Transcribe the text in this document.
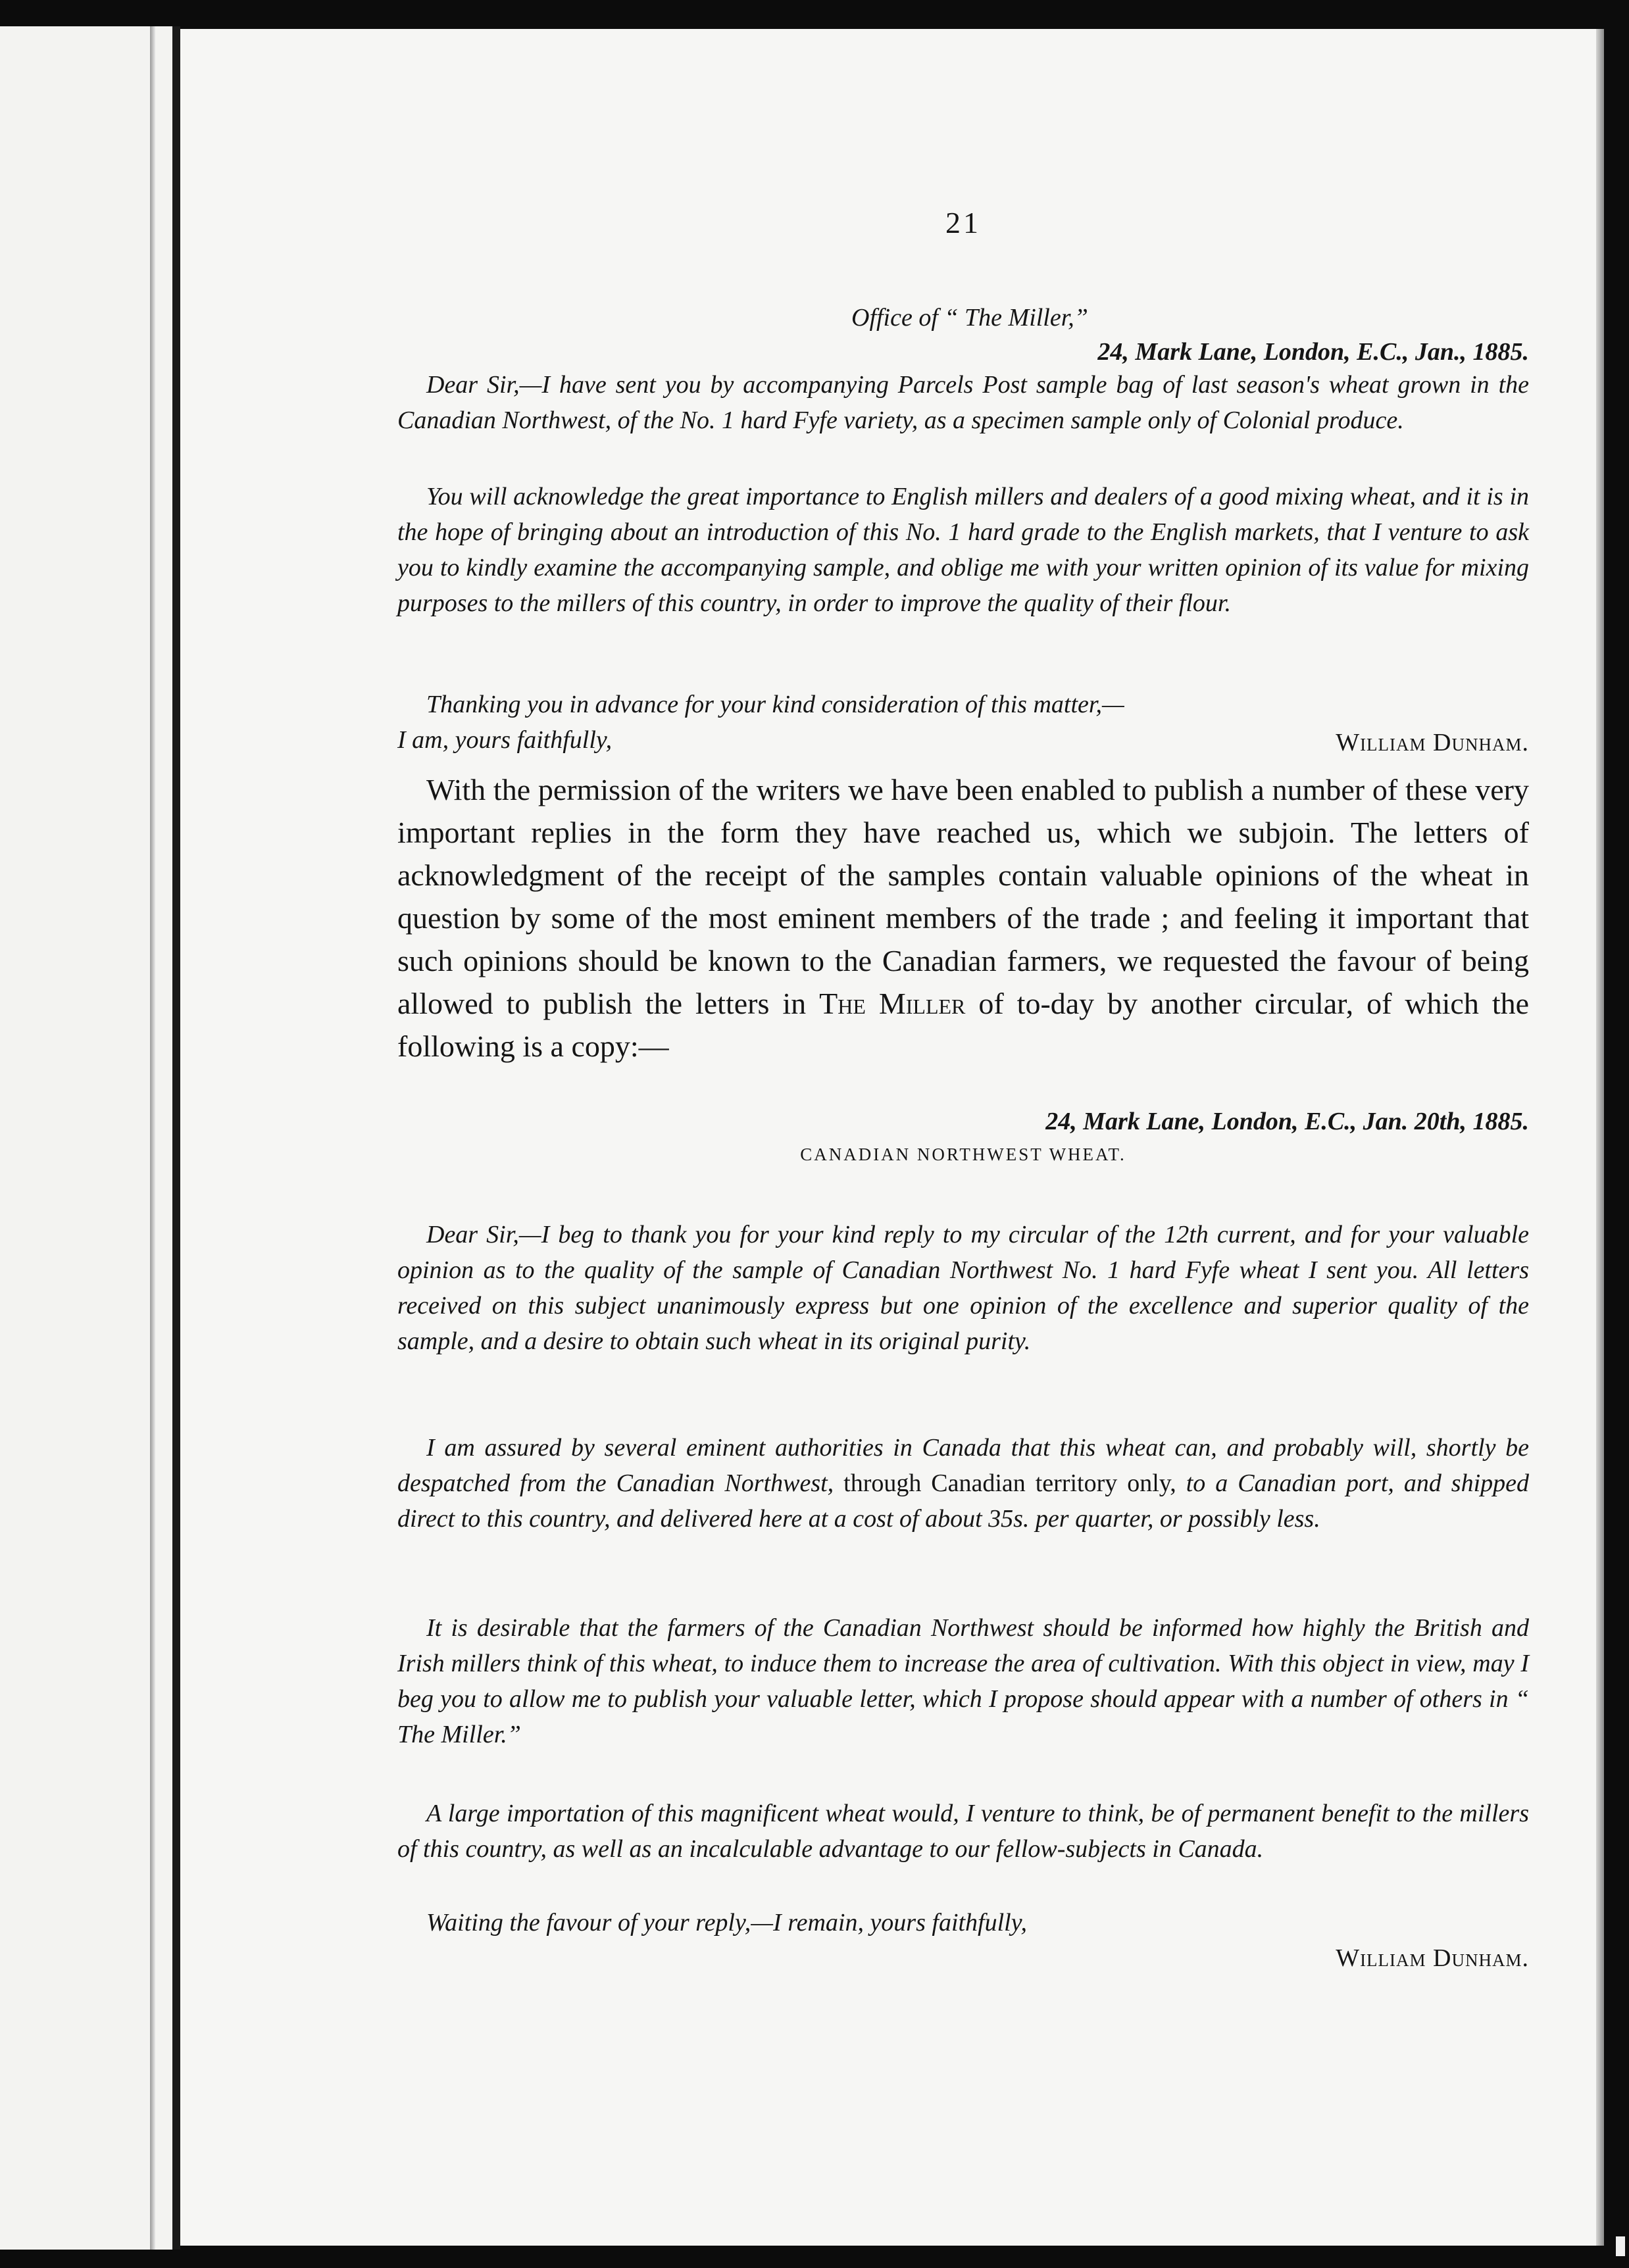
21

Office of “ The Miller,”

24, Mark Lane, London, E.C., Jan., 1885.

Dear Sir,—I have sent you by accompanying Parcels Post sample bag of last season's wheat grown in the Canadian Northwest, of the No. 1 hard Fyfe variety, as a specimen sample only of Colonial produce.

You will acknowledge the great importance to English millers and dealers of a good mixing wheat, and it is in the hope of bringing about an introduction of this No. 1 hard grade to the English markets, that I venture to ask you to kindly examine the accompanying sample, and oblige me with your written opinion of its value for mixing purposes to the millers of this country, in order to improve the quality of their flour.

Thanking you in advance for your kind consideration of this matter,—

I am, yours faithfully,	William Dunham.

With the permission of the writers we have been enabled to publish a number of these very important replies in the form they have reached us, which we subjoin. The letters of acknowledgment of the receipt of the samples contain valuable opinions of the wheat in question by some of the most eminent members of the trade ; and feeling it important that such opinions should be known to the Canadian farmers, we requested the favour of being allowed to publish the letters in The Miller of to-day by another circular, of which the following is a copy:—

24, Mark Lane, London, E.C., Jan. 20th, 1885.

CANADIAN NORTHWEST WHEAT.

Dear Sir,—I beg to thank you for your kind reply to my circular of the 12th current, and for your valuable opinion as to the quality of the sample of Canadian Northwest No. 1 hard Fyfe wheat I sent you. All letters received on this subject unanimously express but one opinion of the excellence and superior quality of the sample, and a desire to obtain such wheat in its original purity.

I am assured by several eminent authorities in Canada that this wheat can, and probably will, shortly be despatched from the Canadian Northwest, through Canadian territory only, to a Canadian port, and shipped direct to this country, and delivered here at a cost of about 35s. per quarter, or possibly less.

It is desirable that the farmers of the Canadian Northwest should be informed how highly the British and Irish millers think of this wheat, to induce them to increase the area of cultivation. With this object in view, may I beg you to allow me to publish your valuable letter, which I propose should appear with a number of others in “ The Miller.”

A large importation of this magnificent wheat would, I venture to think, be of permanent benefit to the millers of this country, as well as an incalculable advantage to our fellow-subjects in Canada.

Waiting the favour of your reply,—I remain, yours faithfully,

William Dunham.
